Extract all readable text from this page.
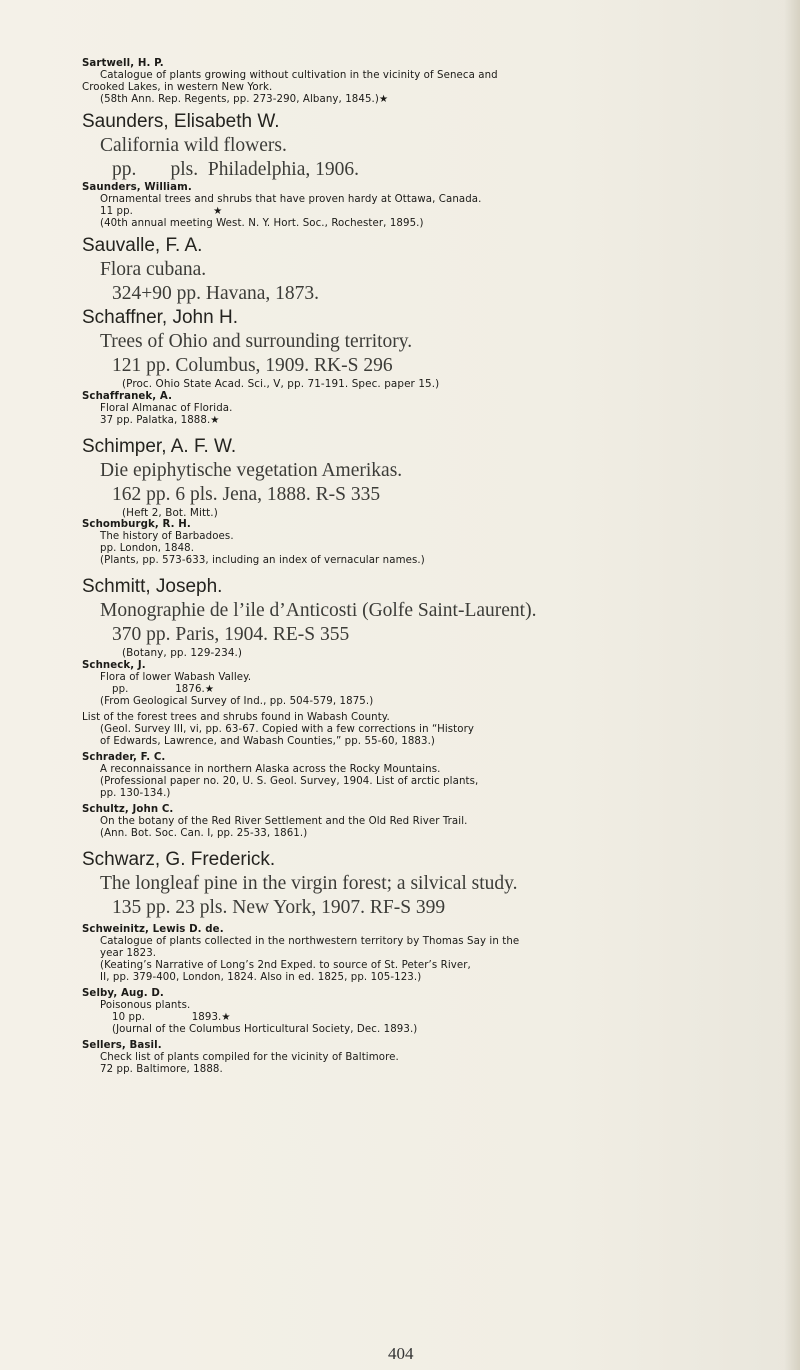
Sartwell, H. P.
Catalogue of plants growing without cultivation in the vicinity of Seneca and
Crooked Lakes, in western New York.
(58th Ann. Rep. Regents, pp. 273-290, Albany, 1845.)★
Saunders, Elisabeth W.
California wild flowers.
pp.       pls.  Philadelphia, 1906.
Saunders, William.
Ornamental trees and shrubs that have proven hardy at Ottawa, Canada.
11 pp.                        ★
(40th annual meeting West. N. Y. Hort. Soc., Rochester, 1895.)
Sauvalle, F. A.
Flora cubana.
324+90 pp. Havana, 1873.
Schaffner, John H.
Trees of Ohio and surrounding territory.
121 pp. Columbus, 1909. RK-S 296
(Proc. Ohio State Acad. Sci., V, pp. 71-191. Spec. paper 15.)
Schaffranek, A.
Floral Almanac of Florida.
37 pp. Palatka, 1888.★
Schimper, A. F. W.
Die epiphytische vegetation Amerikas.
162 pp. 6 pls. Jena, 1888. R-S 335
(Heft 2, Bot. Mitt.)
Schomburgk, R. H.
The history of Barbadoes.
pp. London, 1848.
(Plants, pp. 573-633, including an index of vernacular names.)
Schmitt, Joseph.
Monographie de l’ile d’Anticosti (Golfe Saint-Laurent).
370 pp. Paris, 1904. RE-S 355
(Botany, pp. 129-234.)
Schneck, J.
Flora of lower Wabash Valley.
pp.              1876.★
(From Geological Survey of Ind., pp. 504-579, 1875.)
List of the forest trees and shrubs found in Wabash County.
(Geol. Survey III, vi, pp. 63-67. Copied with a few corrections in “History
of Edwards, Lawrence, and Wabash Counties,” pp. 55-60, 1883.)
Schrader, F. C.
A reconnaissance in northern Alaska across the Rocky Mountains.
(Professional paper no. 20, U. S. Geol. Survey, 1904. List of arctic plants,
pp. 130-134.)
Schultz, John C.
On the botany of the Red River Settlement and the Old Red River Trail.
(Ann. Bot. Soc. Can. I, pp. 25-33, 1861.)
Schwarz, G. Frederick.
The longleaf pine in the virgin forest; a silvical study.
135 pp. 23 pls. New York, 1907. RF-S 399
Schweinitz, Lewis D. de.
Catalogue of plants collected in the northwestern territory by Thomas Say in the
year 1823.
(Keating’s Narrative of Long’s 2nd Exped. to source of St. Peter’s River,
II, pp. 379-400, London, 1824. Also in ed. 1825, pp. 105-123.)
Selby, Aug. D.
Poisonous plants.
10 pp.              1893.★
(Journal of the Columbus Horticultural Society, Dec. 1893.)
Sellers, Basil.
Check list of plants compiled for the vicinity of Baltimore.
72 pp. Baltimore, 1888.
404
